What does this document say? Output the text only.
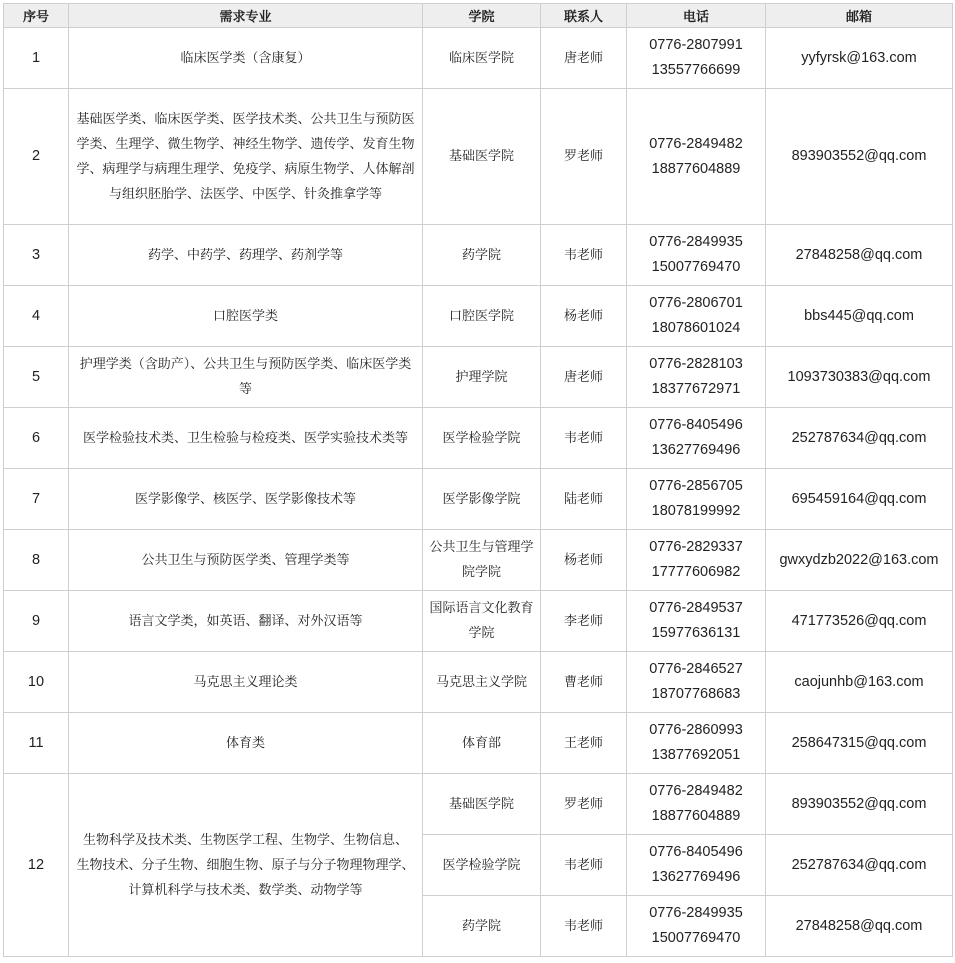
序号	需求专业	学院	联系人	电话	邮箱
1	临床医学类（含康复）	临床医学院	唐老师	0776-2807991
13557766699	yyfyrsk@163.com
2	基础医学类、临床医学类、医学技术类、公共卫生与预防医学类、生理学、微生物学、神经生物学、遗传学、发育生物学、病理学与病理生理学、免疫学、病原生物学、人体解剖与组织胚胎学、法医学、中医学、针灸推拿学等	基础医学院	罗老师	0776-2849482
18877604889	893903552@qq.com
3	药学、中药学、药理学、药剂学等	药学院	韦老师	0776-2849935
15007769470	27848258@qq.com
4	口腔医学类	口腔医学院	杨老师	0776-2806701
18078601024	bbs445@qq.com
5	护理学类（含助产）、公共卫生与预防医学类、临床医学类等	护理学院	唐老师	0776-2828103
18377672971	1093730383@qq.com
6	医学检验技术类、卫生检验与检疫类、医学实验技术类等	医学检验学院	韦老师	0776-8405496
13627769496	252787634@qq.com
7	医学影像学、核医学、医学影像技术等	医学影像学院	陆老师	0776-2856705
18078199992	695459164@qq.com
8	公共卫生与预防医学类、管理学类等	公共卫生与管理学院学院	杨老师	0776-2829337
17777606982	gwxydzb2022@163.com
9	语言文学类，如英语、翻译、对外汉语等	国际语言文化教育学院	李老师	0776-2849537
15977636131	471773526@qq.com
10	马克思主义理论类	马克思主义学院	曹老师	0776-2846527
18707768683	caojunhb@163.com
11	体育类	体育部	王老师	0776-2860993
13877692051	258647315@qq.com
12	生物科学及技术类、生物医学工程、生物学、生物信息、 生物技术、分子生物、细胞生物、原子与分子物理物理学、计算机科学与技术类、数学类、动物学等	基础医学院	罗老师	0776-2849482
18877604889	893903552@qq.com
		医学检验学院	韦老师	0776-8405496
13627769496	252787634@qq.com
		药学院	韦老师	0776-2849935
15007769470	27848258@qq.com
